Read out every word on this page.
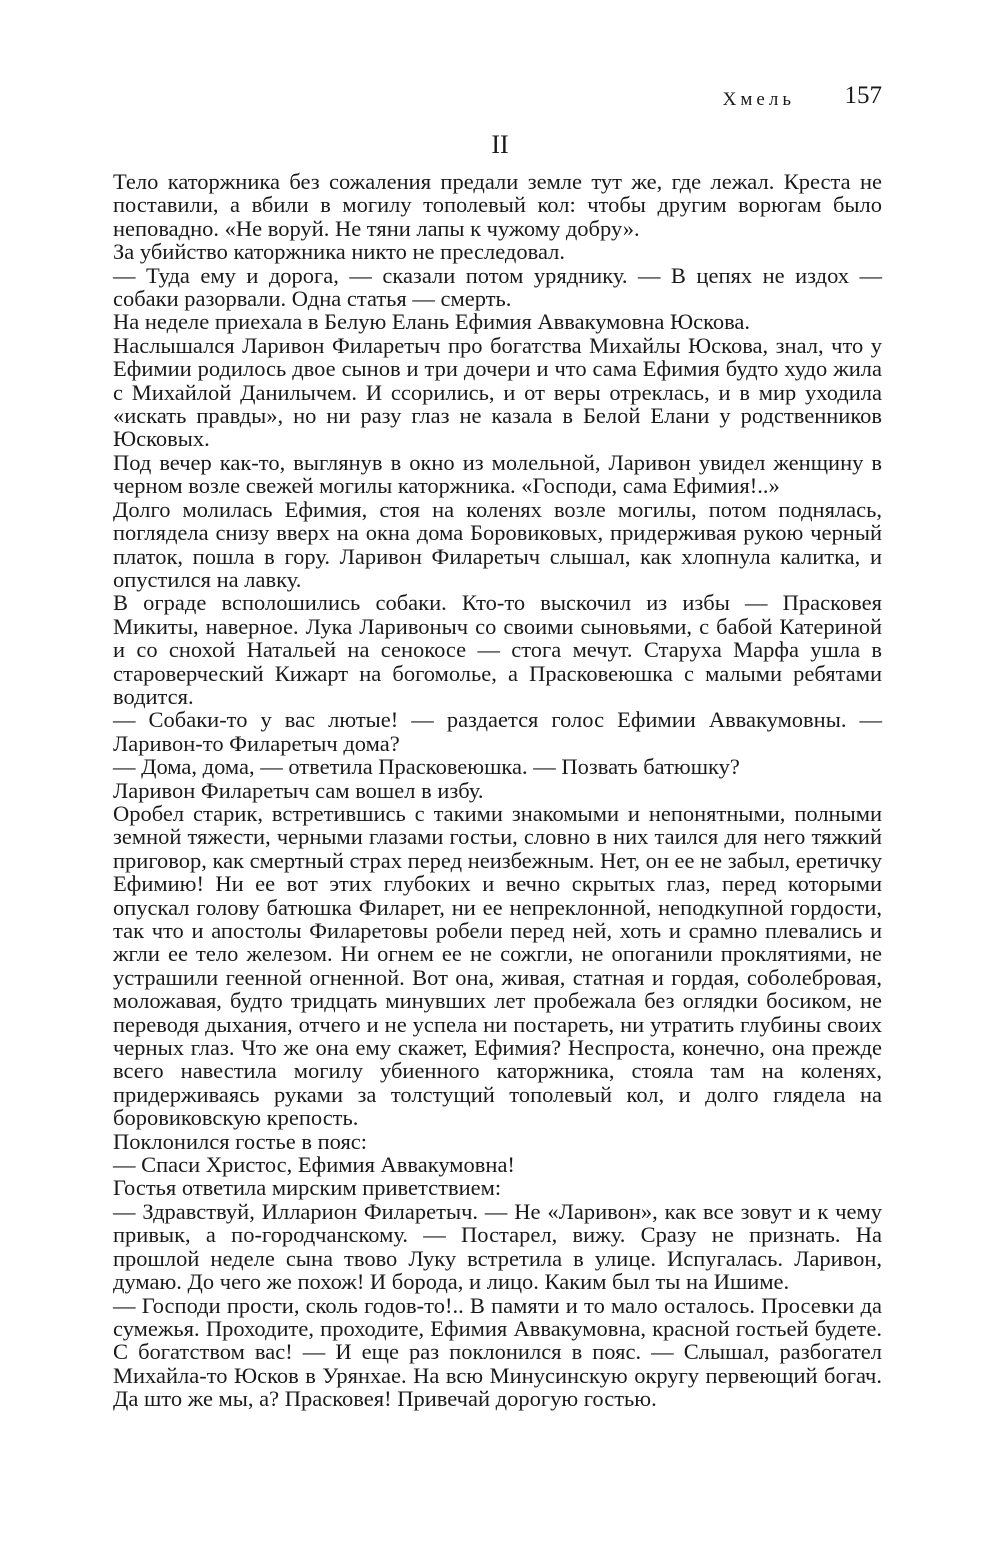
Хмель 157
II

Тело каторжника без сожаления предали земле тут же, где лежал. Креста не поставили, а вбили в могилу тополевый кол: чтобы другим ворюгам было неповадно. «Не воруй. Не тяни лапы к чужому добру».

За убийство каторжника никто не преследовал.

— Туда ему и дорога, — сказали потом уряднику. — В цепях не издох — собаки разорвали. Одна статья — смерть.

На неделе приехала в Белую Елань Ефимия Аввакумовна Юскова.

Наслышался Ларивон Филаретыч про богатства Михайлы Юскова, знал, что у Ефимии родилось двое сынов и три дочери и что сама Ефимия будто худо жила с Михайлой Данилычем. И ссорились, и от веры отреклась, и в мир уходила «искать правды», но ни разу глаз не казала в Белой Елани у родственников Юсковых.

Под вечер как-то, выглянув в окно из молельной, Ларивон увидел женщину в черном возле свежей могилы каторжника. «Господи, сама Ефимия!..»

Долго молилась Ефимия, стоя на коленях возле могилы, потом поднялась, поглядела снизу вверх на окна дома Боровиковых, придерживая рукою черный платок, пошла в гору. Ларивон Филаретыч слышал, как хлопнула калитка, и опустился на лавку.

В ограде всполошились собаки. Кто-то выскочил из избы — Прасковея Микиты, наверное. Лука Ларивоныч со своими сыновьями, с бабой Катериной и со снохой Натальей на сенокосе — стога мечут. Старуха Марфа ушла в староверческий Кижарт на богомолье, а Прасковеюшка с малыми ребятами водится.

— Собаки-то у вас лютые! — раздается голос Ефимии Аввакумовны. — Ларивон-то Филаретыч дома?

— Дома, дома, — ответила Прасковеюшка. — Позвать батюшку?

Ларивон Филаретыч сам вошел в избу.

Оробел старик, встретившись с такими знакомыми и непонятными, полными земной тяжести, черными глазами гостьи, словно в них таился для него тяжкий приговор, как смертный страх перед неизбежным. Нет, он ее не забыл, еретичку Ефимию! Ни ее вот этих глубоких и вечно скрытых глаз, перед которыми опускал голову батюшка Филарет, ни ее непреклонной, неподкупной гордости, так что и апостолы Филаретовы робели перед ней, хоть и срамно плевались и жгли ее тело железом. Ни огнем ее не сожгли, не опоганили проклятиями, не устрашили геенной огненной. Вот она, живая, статная и гордая, соболебровая, моложавая, будто тридцать минувших лет пробежала без оглядки босиком, не переводя дыхания, отчего и не успела ни постареть, ни утратить глубины своих черных глаз. Что же она ему скажет, Ефимия? Неспроста, конечно, она прежде всего навестила могилу убиенного каторжника, стояла там на коленях, придерживаясь руками за толстущий тополевый кол, и долго глядела на боровиковскую крепость.

Поклонился гостье в пояс:

— Спаси Христос, Ефимия Аввакумовна!

Гостья ответила мирским приветствием:

— Здравствуй, Илларион Филаретыч. — Не «Ларивон», как все зовут и к чему привык, а по-городчанскому. — Постарел, вижу. Сразу не признать. На прошлой неделе сына твово Луку встретила в улице. Испугалась. Ларивон, думаю. До чего же похож! И борода, и лицо. Каким был ты на Ишиме.

— Господи прости, сколь годов-то!.. В памяти и то мало осталось. Просевки да сумежья. Проходите, проходите, Ефимия Аввакумовна, красной гостьей будете. С богатством вас! — И еще раз поклонился в пояс. — Слышал, разбогател Михайла-то Юсков в Урянхае. На всю Минусинскую округу первеющий богач. Да што же мы, а? Прасковея! Привечай дорогую гостью.
